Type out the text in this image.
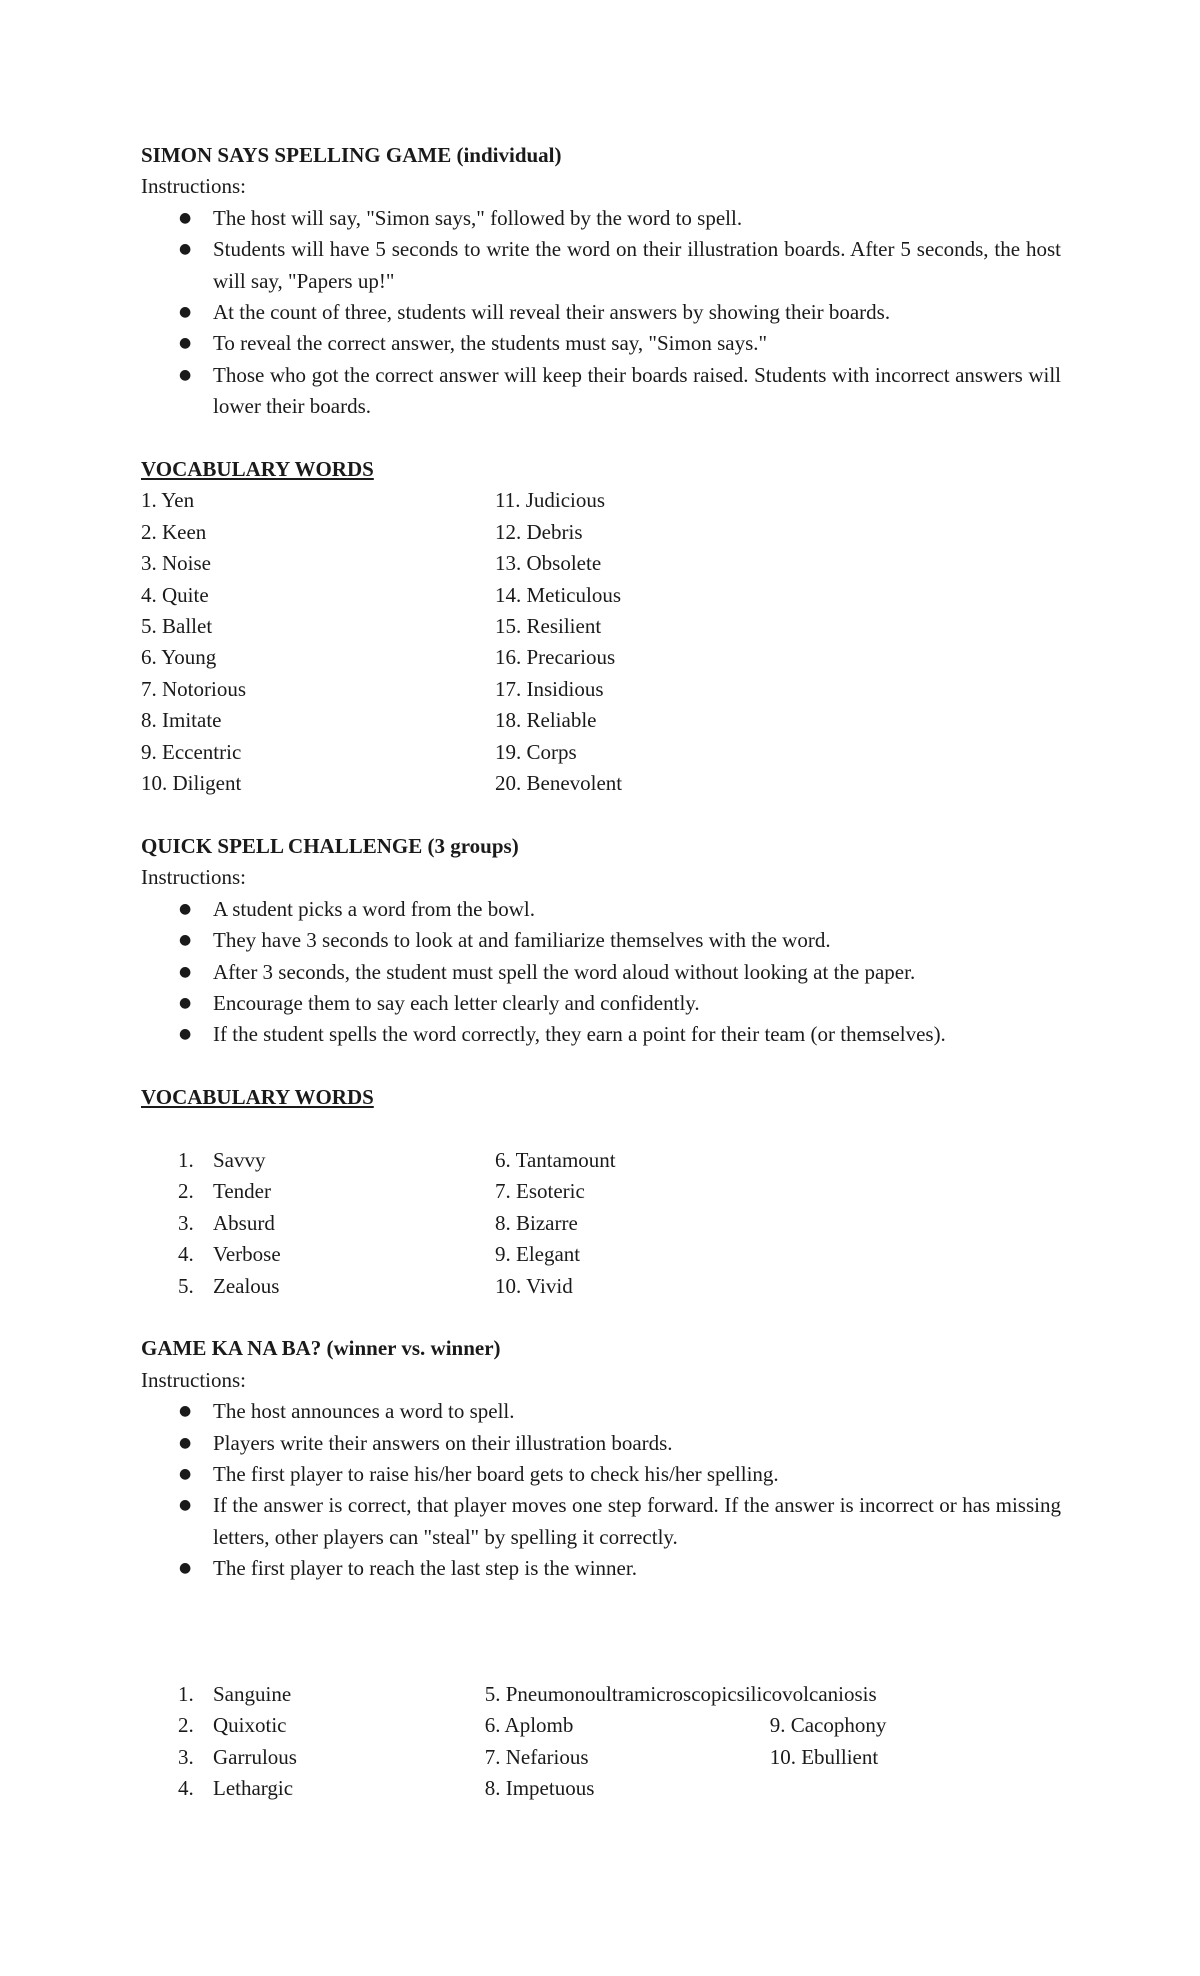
SIMON SAYS SPELLING GAME (individual)
Instructions:
● The host will say, "Simon says," followed by the word to spell.
● Students will have 5 seconds to write the word on their illustration boards. After 5 seconds, the host will say, "Papers up!"
● At the count of three, students will reveal their answers by showing their boards.
● To reveal the correct answer, the students must say, "Simon says."
● Those who got the correct answer will keep their boards raised. Students with incorrect answers will lower their boards.
VOCABULARY WORDS
1. Yen
2. Keen
3. Noise
4. Quite
5. Ballet
6. Young
7. Notorious
8. Imitate
9. Eccentric
10. Diligent
11. Judicious
12. Debris
13. Obsolete
14. Meticulous
15. Resilient
16. Precarious
17. Insidious
18. Reliable
19. Corps
20. Benevolent
QUICK SPELL CHALLENGE (3 groups)
Instructions:
● A student picks a word from the bowl.
● They have 3 seconds to look at and familiarize themselves with the word.
● After 3 seconds, the student must spell the word aloud without looking at the paper.
● Encourage them to say each letter clearly and confidently.
● If the student spells the word correctly, they earn a point for their team (or themselves).
VOCABULARY WORDS
1. Savvy
2. Tender
3. Absurd
4. Verbose
5. Zealous
6. Tantamount
7. Esoteric
8. Bizarre
9. Elegant
10. Vivid
GAME KA NA BA? (winner vs. winner)
Instructions:
● The host announces a word to spell.
● Players write their answers on their illustration boards.
● The first player to raise his/her board gets to check his/her spelling.
● If the answer is correct, that player moves one step forward. If the answer is incorrect or has missing letters, other players can "steal" by spelling it correctly.
● The first player to reach the last step is the winner.
1. Sanguine
2. Quixotic
3. Garrulous
4. Lethargic
5. Pneumonoultramicroscopicsilicovolcaniosis
6. Aplomb
7. Nefarious
8. Impetuous

9. Cacophony
10. Ebullient
